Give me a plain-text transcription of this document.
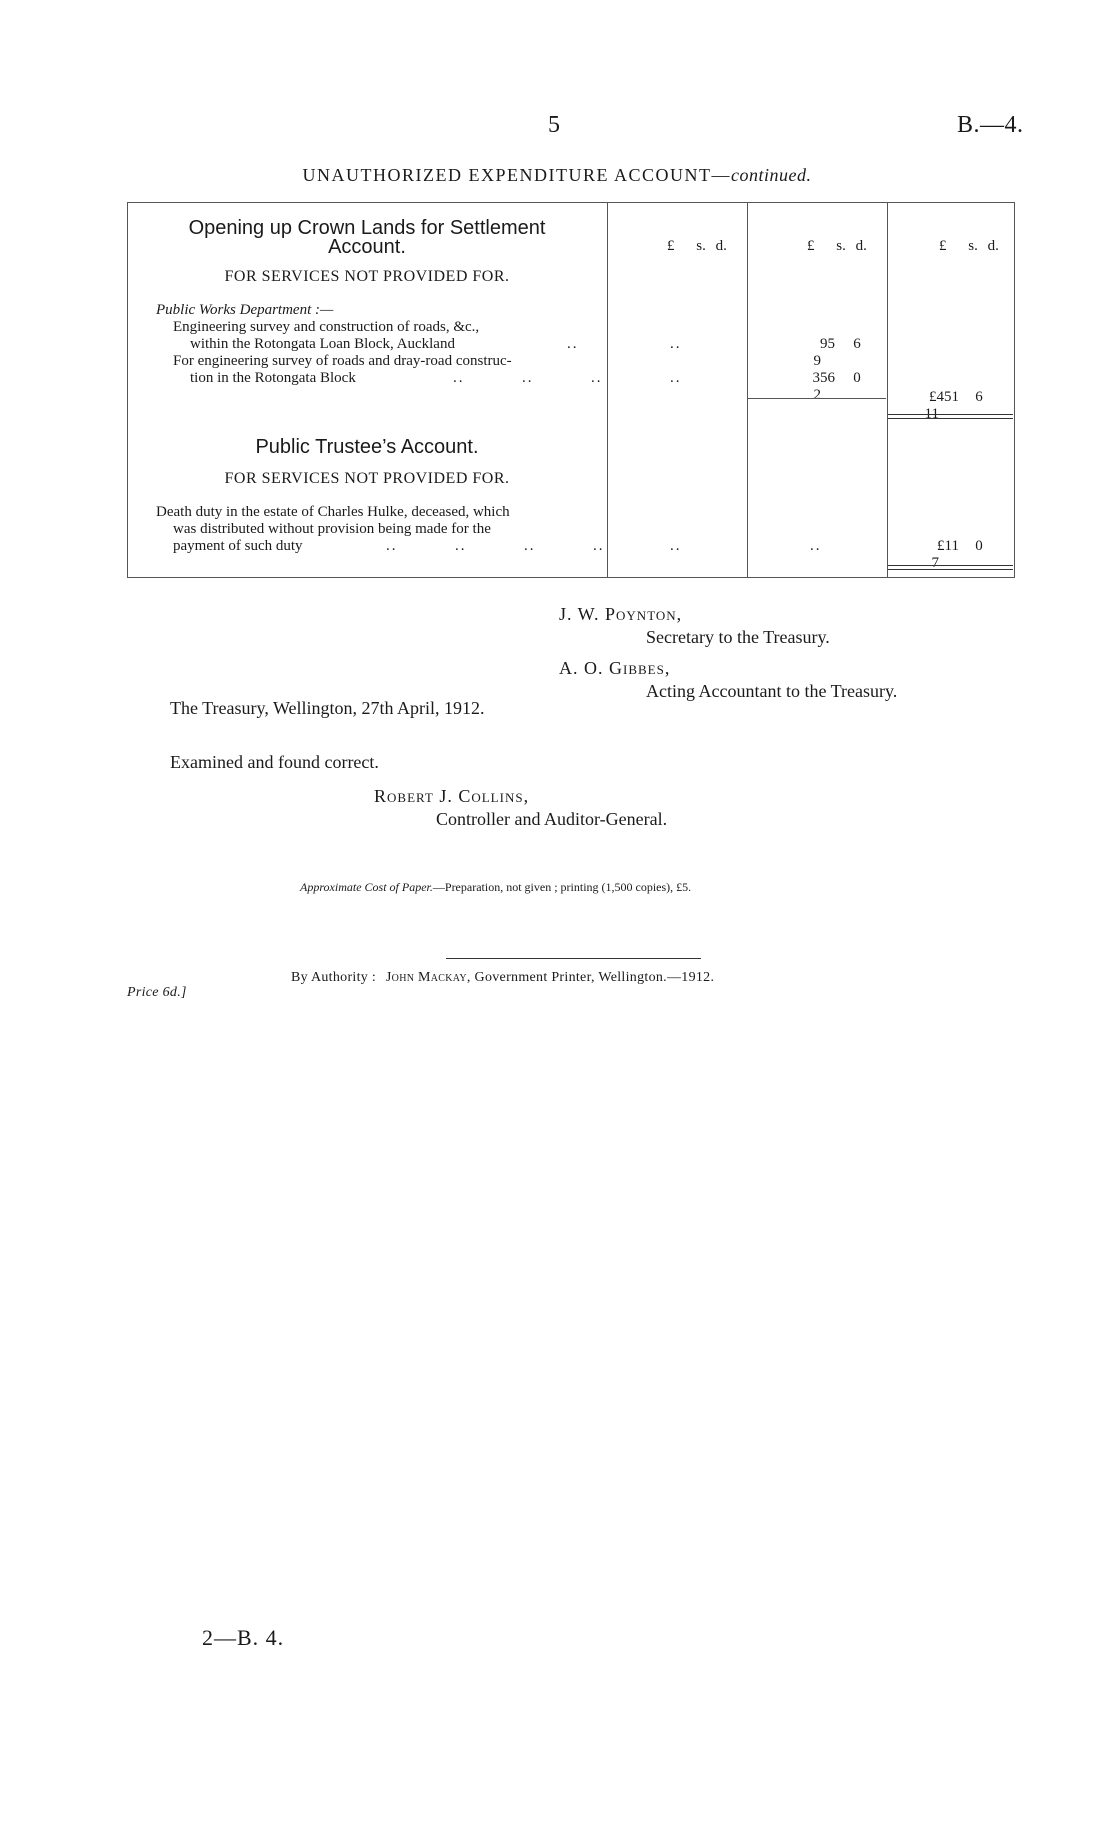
5	B.—4.
UNAUTHORIZED EXPENDITURE ACCOUNT—continued.
£ s. d.	£ s. d.	£ s. d.
Opening up Crown Lands for Settlement
Account.
FOR SERVICES NOT PROVIDED FOR.
Public Works Department :—
Engineering survey and construction of roads, &c.,
within the Rotongata Loan Block, Auckland	..	..	95 6 9
For engineering survey of roads and dray-road construc-
tion in the Rotongata Block	..          ..          ..	..	356 0 2	£451 6 11
Public Trustee’s Account.
FOR SERVICES NOT PROVIDED FOR.
Death duty in the estate of Charles Hulke, deceased, which
was distributed without provision being made for the
payment of such duty	..          ..          ..          ..	..	..	£11 0 7
J. W. Poynton,
Secretary to the Treasury.
A. O. Gibbes,
Acting Accountant to the Treasury.
The Treasury, Wellington, 27th April, 1912.
Examined and found correct.
Robert J. Collins,
Controller and Auditor-General.
Approximate Cost of Paper.—Preparation, not given ; printing (1,500 copies), £5.
Price 6d.]
By Authority : John Mackay, Government Printer, Wellington.—1912.
2—B. 4.
